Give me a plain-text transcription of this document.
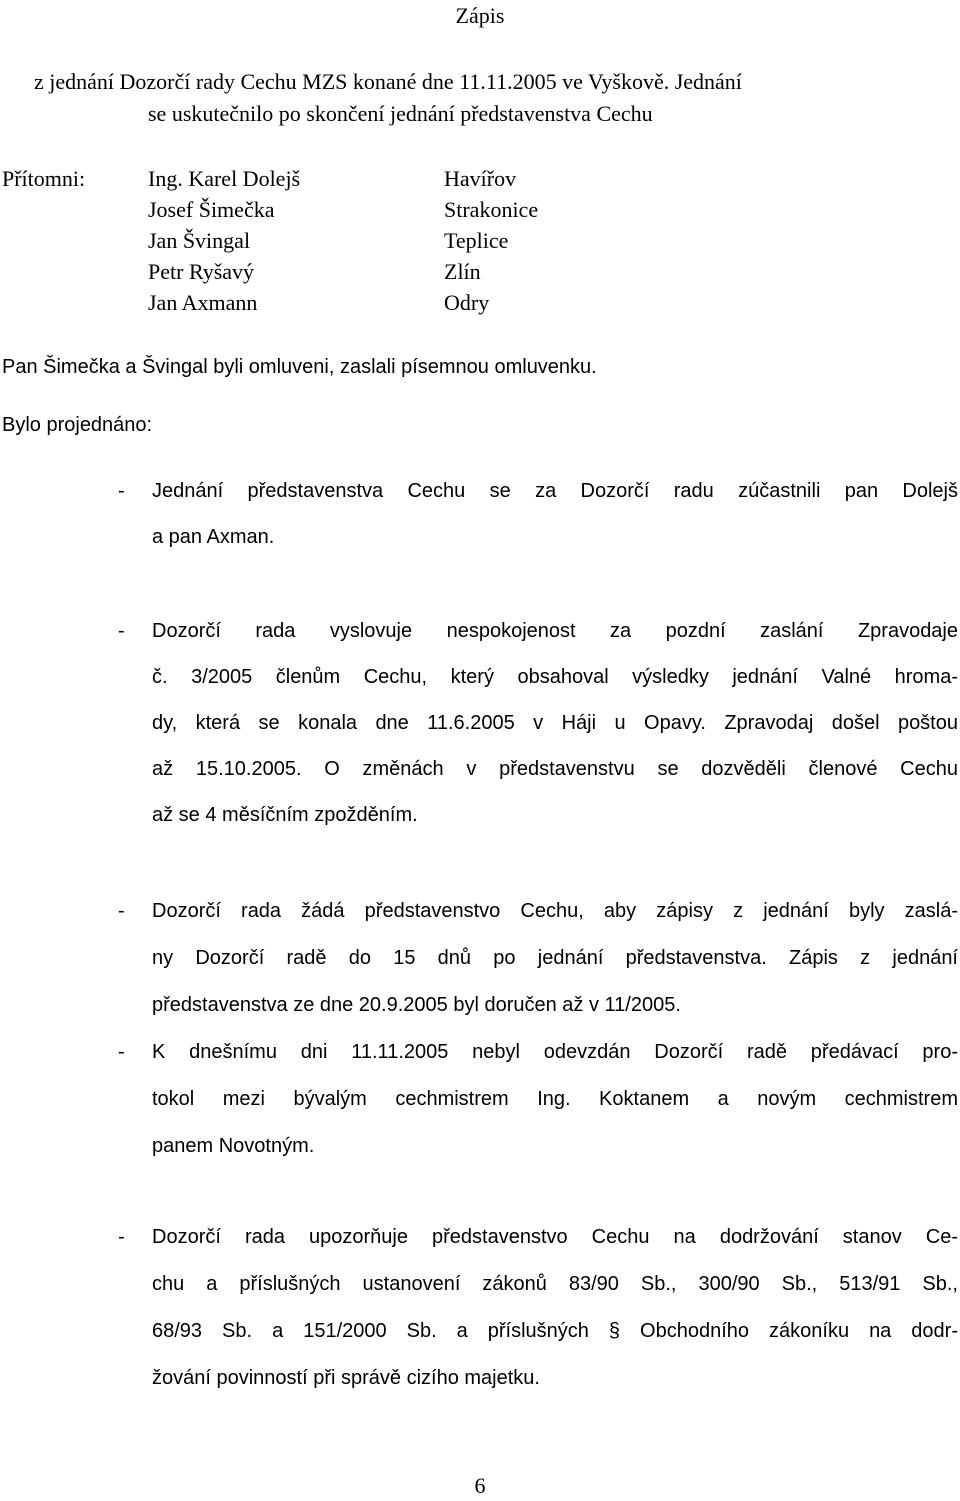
Zápis
z jednání Dozorčí rady Cechu MZS konané dne 11.11.2005 ve Vyškově. Jednání
se uskutečnilo po skončení jednání představenstva Cechu
Přítomni:	Ing. Karel Dolejš	Havířov
Josef Šimečka	Strakonice
Jan Švingal	Teplice
Petr Ryšavý	Zlín
Jan Axmann	Odry
Pan Šimečka a Švingal byli omluveni, zaslali písemnou omluvenku.
Bylo projednáno:
- Jednání představenstva Cechu se za Dozorčí radu zúčastnili pan Dolejš
a pan Axman.
- Dozorčí rada vyslovuje nespokojenost za pozdní zaslání Zpravodaje
č. 3/2005 členům Cechu, který obsahoval výsledky jednání Valné hroma-
dy, která se konala dne 11.6.2005 v Háji u Opavy. Zpravodaj došel poštou
až 15.10.2005. O změnách v představenstvu se dozvěděli členové Cechu
až se 4 měsíčním zpožděním.
- Dozorčí rada žádá představenstvo Cechu, aby zápisy z jednání byly zaslá-
ny Dozorčí radě do 15 dnů po jednání představenstva. Zápis z jednání
představenstva ze dne 20.9.2005 byl doručen až v 11/2005.
- K dnešnímu dni 11.11.2005 nebyl odevzdán Dozorčí radě předávací pro-
tokol mezi bývalým cechmistrem Ing. Koktanem a novým cechmistrem
panem Novotným.
- Dozorčí rada upozorňuje představenstvo Cechu na dodržování stanov Ce-
chu a příslušných ustanovení zákonů 83/90 Sb., 300/90 Sb., 513/91 Sb.,
68/93 Sb. a 151/2000 Sb. a příslušných § Obchodního zákoníku na dodr-
žování povinností při správě cizího majetku.
6
